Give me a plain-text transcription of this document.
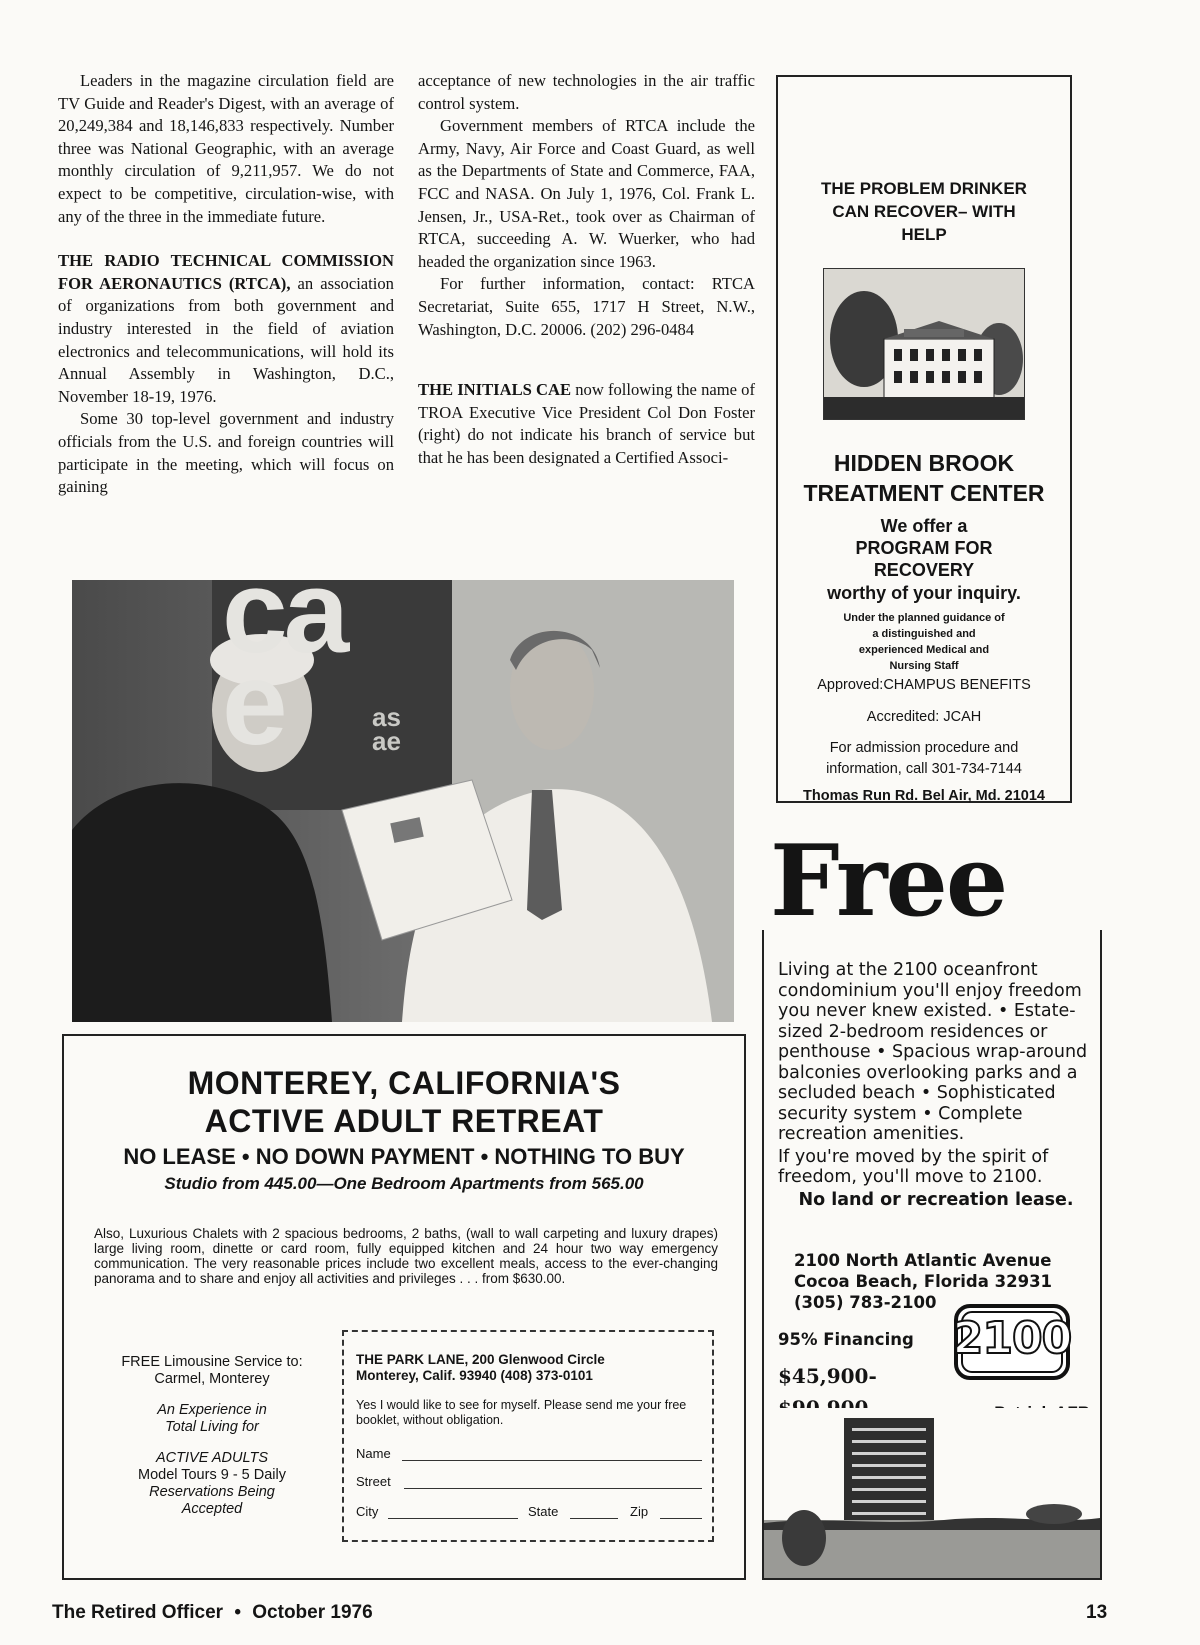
Leaders in the magazine circulation field are TV Guide and Reader's Digest, with an average of 20,249,384 and 18,146,833 respectively. Number three was National Geographic, with an average monthly circulation of 9,211,957. We do not expect to be competitive, circulation-wise, with any of the three in the immediate future.

THE RADIO TECHNICAL COMMISSION FOR AERONAUTICS (RTCA), an association of organizations from both government and industry interested in the field of aviation electronics and telecommunications, will hold its Annual Assembly in Washington, D.C., November 18-19, 1976.

Some 30 top-level government and industry officials from the U.S. and foreign countries will participate in the meeting, which will focus on gaining

acceptance of new technologies in the air traffic control system.

Government members of RTCA include the Army, Navy, Air Force and Coast Guard, as well as the Departments of State and Commerce, FAA, FCC and NASA. On July 1, 1976, Col. Frank L. Jensen, Jr., USA-Ret., took over as Chairman of RTCA, succeeding A. W. Wuerker, who had headed the organization since 1963.

For further information, contact: RTCA Secretariat, Suite 655, 1717 H Street, N.W., Washington, D.C. 20006. (202) 296-0484

THE INITIALS CAE now following the name of TROA Executive Vice President Col Don Foster (right) do not indicate his branch of service but that he has been designated a Certified Associ-

THE PROBLEM DRINKER CAN RECOVER– WITH HELP
HIDDEN BROOK
TREATMENT CENTER
We offer a
PROGRAM FOR
RECOVERY
worthy of your inquiry.
Under the planned guidance of a distinguished and experienced Medical and Nursing Staff
Approved:CHAMPUS BENEFITS
Accredited: JCAH
For admission procedure and information, call 301-734-7144
Thomas Run Rd. Bel Air, Md. 21014
cae	as
ae
MONTEREY, CALIFORNIA'S
ACTIVE ADULT RETREAT
NO LEASE • NO DOWN PAYMENT • NOTHING TO BUY
Studio from 445.00—One Bedroom Apartments from 565.00
Also, Luxurious Chalets with 2 spacious bedrooms, 2 baths, (wall to wall carpeting and luxury drapes) large living room, dinette or card room, fully equipped kitchen and 24 hour two way emergency communication. The very reasonable prices include two excellent meals, access to the ever-changing panorama and to share and enjoy all activities and privileges . . . from $630.00.
FREE Limousine Service to:
Carmel, Monterey
An Experience in
Total Living for
ACTIVE ADULTS
Model Tours 9 - 5 Daily
Reservations Being
Accepted
THE PARK LANE, 200 Glenwood Circle
Monterey, Calif. 93940 (408) 373-0101
Yes I would like to see for myself. Please send me your free booklet, without obligation.
Name
Street
City	State	Zip
Free
Living at the 2100 oceanfront condominium you'll enjoy freedom you never knew existed. • Estate-sized 2-bedroom residences or penthouse • Spacious wrap-around balconies overlooking parks and a secluded beach • Sophisticated security system • Complete recreation amenities.
If you're moved by the spirit of freedom, you'll move to 2100.
No land or recreation lease.
2100 North Atlantic Avenue
Cocoa Beach, Florida 32931
(305) 783-2100
95% Financing
$45,900-
2100
The Retired Officer • October 1976	13
